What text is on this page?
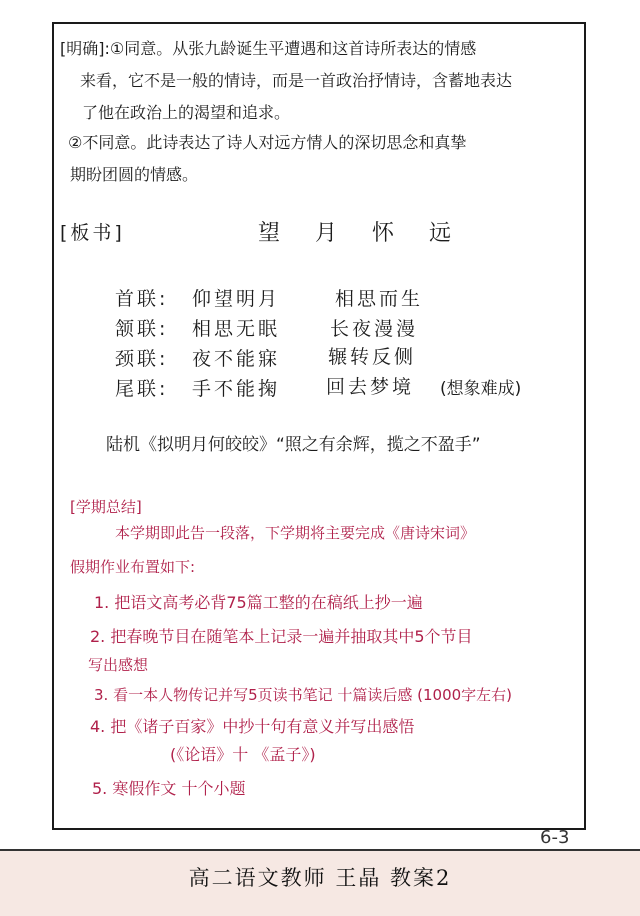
[明确]:①同意。从张九龄诞生平遭遇和这首诗所表达的情感
来看，它不是一般的情诗，而是一首政治抒情诗，含蓄地表达
了他在政治上的渴望和追求。
②不同意。此诗表达了诗人对远方情人的深切思念和真挚
期盼团圆的情感。
[板书]	望 月 怀 远
首联: 仰望明月	相思而生
颔联: 相思无眠	长夜漫漫
颈联: 夜不能寐	辗转反侧
尾联: 手不能掬 回去梦境 (想象难成)
陆机《拟明月何皎皎》“照之有余辉，揽之不盈手”
[学期总结]
本学期即此告一段落，下学期将主要完成《唐诗宋词》
假期作业布置如下:
1. 把语文高考必背75篇工整的在稿纸上抄一遍
2. 把春晚节目在随笔本上记录一遍并抽取其中5个节目
写出感想
3. 看一本人物传记并写5页读书笔记 十篇读后感 (1000字左右)
4. 把《诸子百家》中抄十句有意义并写出感悟
(《论语》十 《孟子》)
5. 寒假作文 十个小题
6-3
高二语文教师 王晶 教案2
